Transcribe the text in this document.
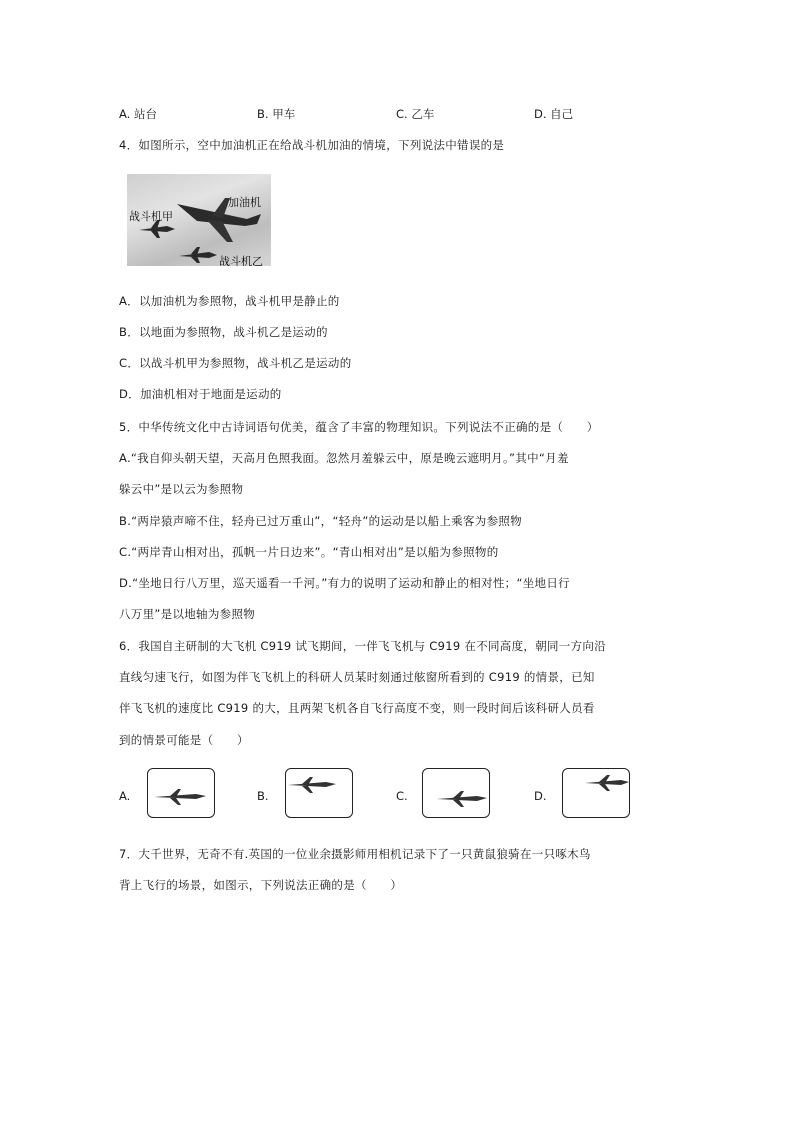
A. 站台	B. 甲车	C. 乙车	D. 自己
4．如图所示，空中加油机正在给战斗机加油的情境，下列说法中错误的是
加油机
战斗机甲
战斗机乙
A．以加油机为参照物，战斗机甲是静止的
B．以地面为参照物，战斗机乙是运动的
C．以战斗机甲为参照物，战斗机乙是运动的
D．加油机相对于地面是运动的
5．中华传统文化中古诗词语句优美，蕴含了丰富的物理知识。下列说法不正确的是（　　）
A.“我自仰头朝天望，天高月色照我面。忽然月羞躲云中，原是晚云遮明月。”其中“月羞
躲云中”是以云为参照物
B.“两岸猿声啼不住，轻舟已过万重山”，“轻舟”的运动是以船上乘客为参照物
C.“两岸青山相对出，孤帆一片日边来”。“青山相对出”是以船为参照物的
D.“坐地日行八万里，巡天遥看一千河。”有力的说明了运动和静止的相对性；“坐地日行
八万里”是以地轴为参照物
6．我国自主研制的大飞机 C919 试飞期间，一伴飞飞机与 C919 在不同高度，朝同一方向沿
直线匀速飞行，如图为伴飞飞机上的科研人员某时刻通过舷窗所看到的 C919 的情景，已知
伴飞飞机的速度比 C919 的大，且两架飞机各自飞行高度不变，则一段时间后该科研人员看
到的情景可能是（　　）
A.	B.	C.	D.
7．大千世界，无奇不有.英国的一位业余摄影师用相机记录下了一只黄鼠狼骑在一只啄木鸟
背上飞行的场景，如图示，下列说法正确的是（　　）
